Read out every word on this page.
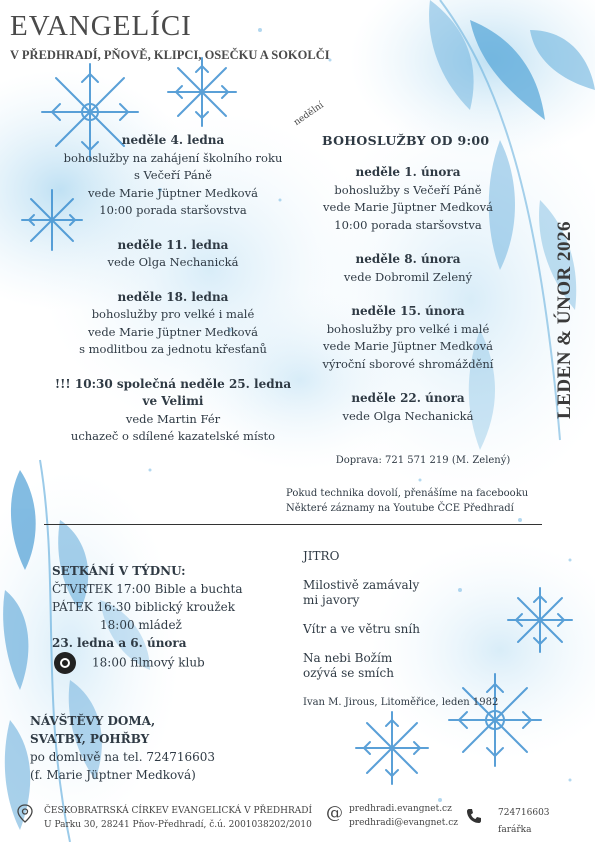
EVANGELÍCI
V PŘEDHRADÍ, PŇOVĚ, KLIPCI, OSEČKU A SOKOLČI
LEDEN & ÚNOR 2026
neděle 4. ledna
bohoslužby na zahájení školního roku
s Večeří Páně
vede Marie Jüptner Medková
10:00 porada staršovstva
neděle 11. ledna
vede Olga Nechanická
neděle 18. ledna
bohoslužby pro velké i malé
vede Marie Jüptner Medková
s modlitbou za jednotu křesťanů
!!! 10:30 společná neděle 25. ledna
ve Velimi
vede Martin Fér
uchazeč o sdílené kazatelské místo
nedělní
BOHOSLUŽBY OD 9:00
neděle 1. února
bohoslužby s Večeří Páně
vede Marie Jüptner Medková
10:00 porada staršovstva
neděle 8. února
vede Dobromil Zelený
neděle 15. února
bohoslužby pro velké i malé
vede Marie Jüptner Medková
výroční sborové shromáždění
neděle 22. února
vede Olga Nechanická
Doprava: 721 571 219 (M. Zelený)
Pokud technika dovolí, přenášíme na facebooku
Některé záznamy na Youtube ČCE Předhradí
SETKÁNÍ V TÝDNU:
ČTVRTEK 17:00 Bible a buchta
PÁTEK 16:30 biblický kroužek
18:00 mládež
23. ledna a 6. února
18:00 filmový klub
NÁVŠTĚVY DOMA,
SVATBY, POHŘBY
po domluvě na tel. 724716603
(f. Marie Jüptner Medková)

JITRO

Milostivě zamávaly
mi javory

Vítr a ve větru sníh

Na nebi Božím
ozývá se smích

Ivan M. Jirous, Litoměřice, leden 1982
ČESKOBRATRSKÁ CÍRKEV EVANGELICKÁ V PŘEDHRADÍ
U Parku 30, 28241 Pňov-Předhradí, č.ú. 2001038202/2010
@ predhradi.evangnet.cz
predhradi@evangnet.cz
724716603
farářka
